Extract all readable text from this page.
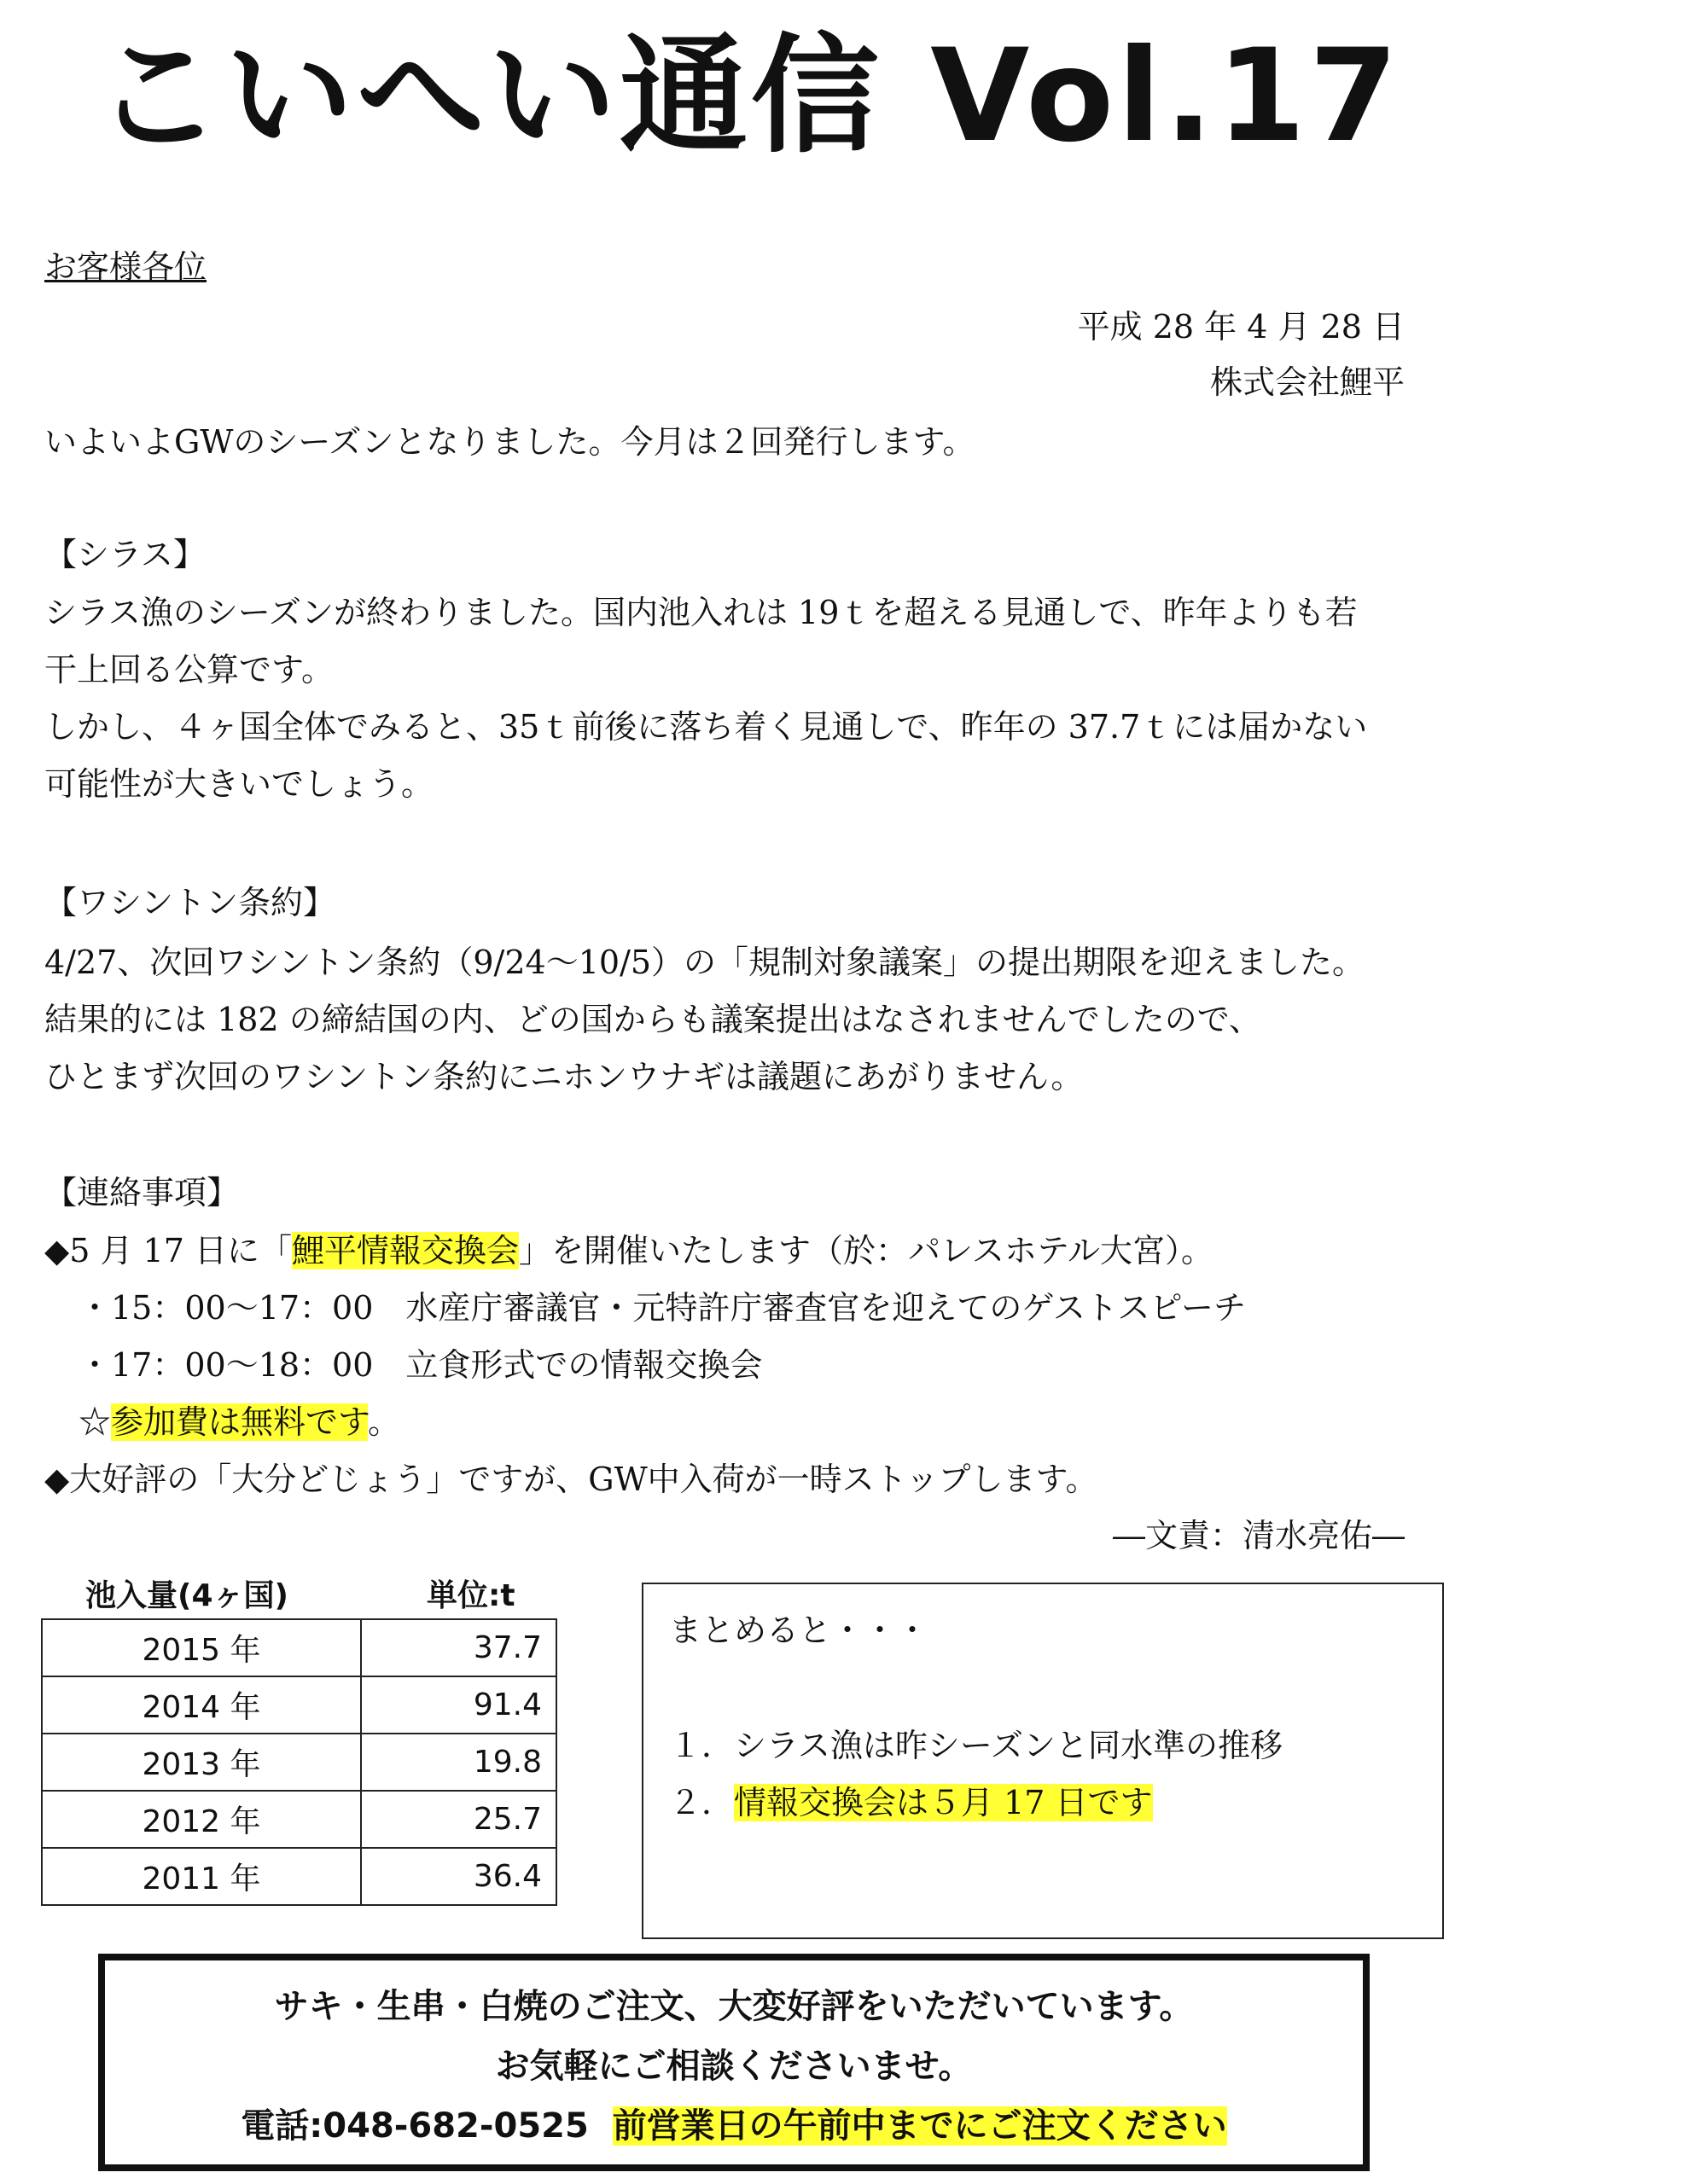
こいへい通信 Vol.17
お客様各位
平成 28 年 4 月 28 日
株式会社鯉平
いよいよGWのシーズンとなりました。今月は２回発行します。
【シラス】
シラス漁のシーズンが終わりました。国内池入れは 19ｔを超える見通しで、昨年よりも若
干上回る公算です。
しかし、４ヶ国全体でみると、35ｔ前後に落ち着く見通しで、昨年の 37.7ｔには届かない
可能性が大きいでしょう。
【ワシントン条約】
4/27、次回ワシントン条約（9/24〜10/5）の「規制対象議案」の提出期限を迎えました。
結果的には 182 の締結国の内、どの国からも議案提出はなされませんでしたので、
ひとまず次回のワシントン条約にニホンウナギは議題にあがりません。
【連絡事項】
◆5 月 17 日に「鯉平情報交換会」を開催いたします（於：パレスホテル大宮）。
・15：00〜17：00　水産庁審議官・元特許庁審査官を迎えてのゲストスピーチ
・17：00〜18：00　立食形式での情報交換会
☆参加費は無料です。
◆大好評の「大分どじょう」ですが、GW中入荷が一時ストップします。
―文責：清水亮佑―
池入量(4ヶ国)	単位:t
2015 年	37.7
2014 年	91.4
2013 年	19.8
2012 年	25.7
2011 年	36.4
まとめると・・・
１．シラス漁は昨シーズンと同水準の推移
２．情報交換会は５月 17 日です
サキ・生串・白焼のご注文、大変好評をいただいています。
お気軽にご相談くださいませ。
電話:048-682-0525 前営業日の午前中までにご注文ください
